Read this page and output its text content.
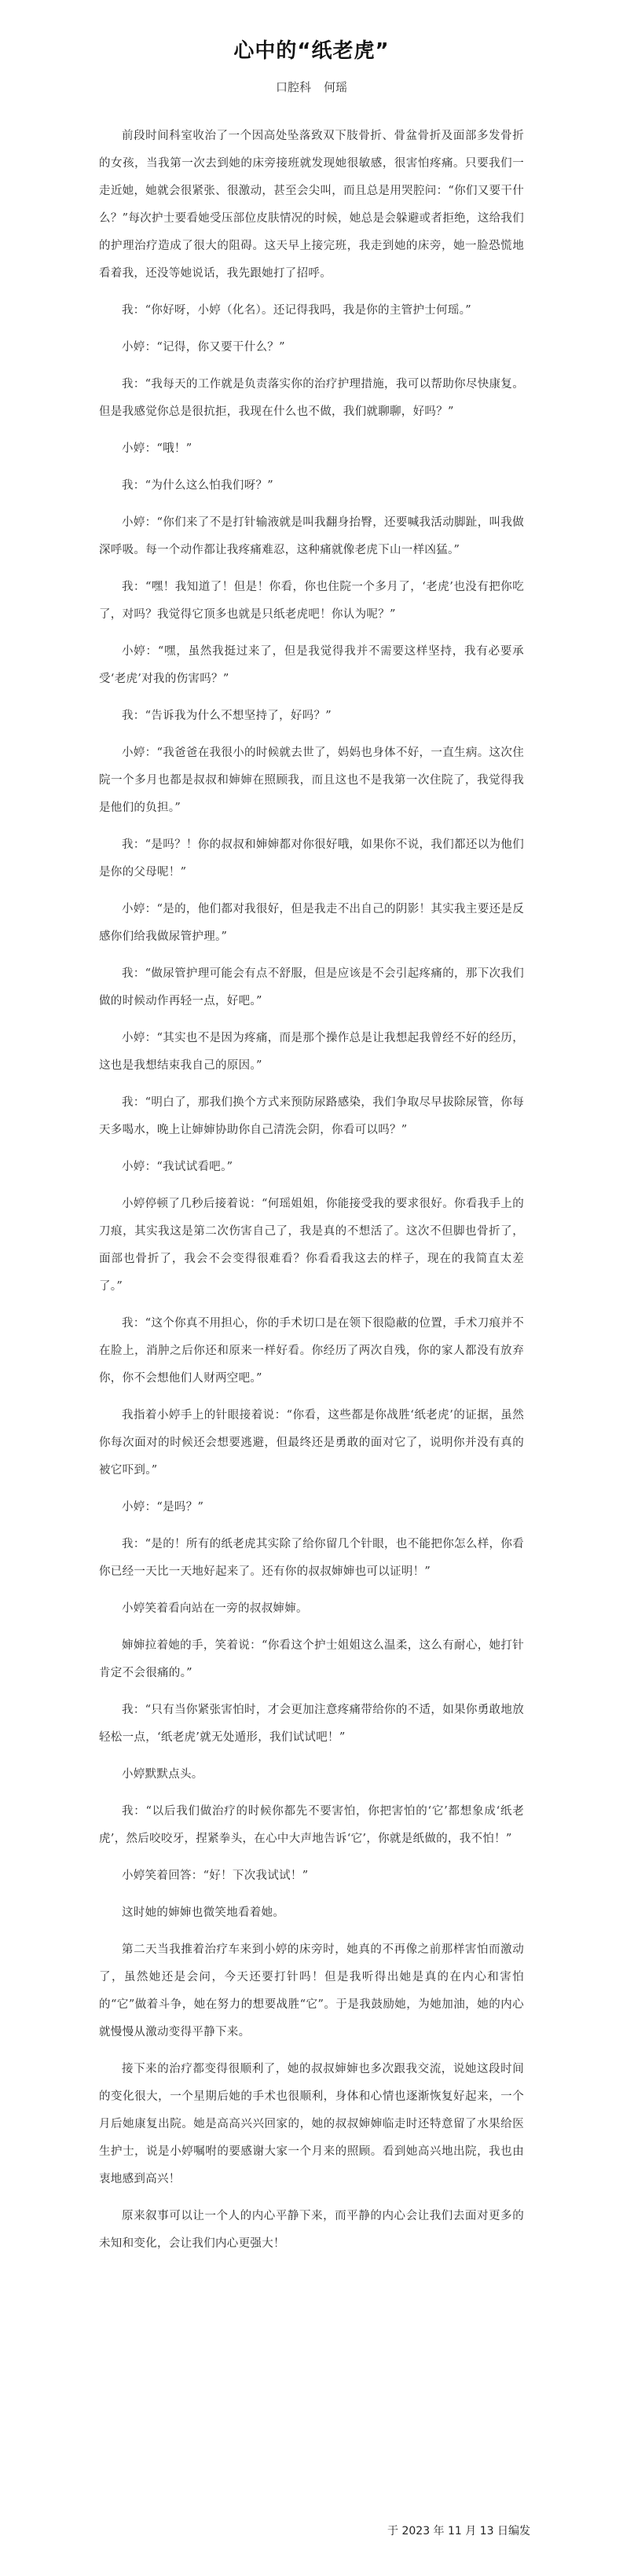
心中的“纸老虎”
口腔科 何瑶

前段时间科室收治了一个因高处坠落致双下肢骨折、骨盆骨折及面部多发骨折的女孩，当我第一次去到她的床旁接班就发现她很敏感，很害怕疼痛。只要我们一走近她，她就会很紧张、很激动，甚至会尖叫，而且总是用哭腔问：“你们又要干什么？”每次护士要看她受压部位皮肤情况的时候，她总是会躲避或者拒绝，这给我们的护理治疗造成了很大的阻碍。这天早上接完班，我走到她的床旁，她一脸恐慌地看着我，还没等她说话，我先跟她打了招呼。

我：“你好呀，小婷（化名）。还记得我吗，我是你的主管护士何瑶。”

小婷：“记得，你又要干什么？”

我：“我每天的工作就是负责落实你的治疗护理措施，我可以帮助你尽快康复。但是我感觉你总是很抗拒，我现在什么也不做，我们就聊聊，好吗？”

小婷：“哦！”

我：“为什么这么怕我们呀？”

小婷：“你们来了不是打针输液就是叫我翻身抬臀，还要喊我活动脚趾，叫我做深呼吸。每一个动作都让我疼痛难忍，这种痛就像老虎下山一样凶猛。”

我：“嘿！我知道了！但是！你看，你也住院一个多月了，‘老虎’也没有把你吃了，对吗？我觉得它顶多也就是只纸老虎吧！你认为呢？”

小婷：“嘿，虽然我挺过来了，但是我觉得我并不需要这样坚持，我有必要承受‘老虎’对我的伤害吗？”

我：“告诉我为什么不想坚持了，好吗？”

小婷：“我爸爸在我很小的时候就去世了，妈妈也身体不好，一直生病。这次住院一个多月也都是叔叔和婶婶在照顾我，而且这也不是我第一次住院了，我觉得我是他们的负担。”

我：“是吗？！你的叔叔和婶婶都对你很好哦，如果你不说，我们都还以为他们是你的父母呢！”

小婷：“是的，他们都对我很好，但是我走不出自己的阴影！其实我主要还是反感你们给我做尿管护理。”

我：“做尿管护理可能会有点不舒服，但是应该是不会引起疼痛的，那下次我们做的时候动作再轻一点，好吧。”

小婷：“其实也不是因为疼痛，而是那个操作总是让我想起我曾经不好的经历，这也是我想结束我自己的原因。”

我：“明白了，那我们换个方式来预防尿路感染，我们争取尽早拔除尿管，你每天多喝水，晚上让婶婶协助你自己清洗会阴，你看可以吗？”

小婷：“我试试看吧。”

小婷停顿了几秒后接着说：“何瑶姐姐，你能接受我的要求很好。你看我手上的刀痕，其实我这是第二次伤害自己了，我是真的不想活了。这次不但脚也骨折了，面部也骨折了，我会不会变得很难看？你看看我这去的样子，现在的我简直太差了。”

我：“这个你真不用担心，你的手术切口是在领下很隐蔽的位置，手术刀痕并不在脸上，消肿之后你还和原来一样好看。你经历了两次自残，你的家人都没有放弃你，你不会想他们人财两空吧。”

我指着小婷手上的针眼接着说：“你看，这些都是你战胜‘纸老虎’的证据，虽然你每次面对的时候还会想要逃避，但最终还是勇敢的面对它了，说明你并没有真的被它吓到。”

小婷：“是吗？”

我：“是的！所有的纸老虎其实除了给你留几个针眼，也不能把你怎么样，你看你已经一天比一天地好起来了。还有你的叔叔婶婶也可以证明！”

小婷笑着看向站在一旁的叔叔婶婶。

婶婶拉着她的手，笑着说：“你看这个护士姐姐这么温柔，这么有耐心，她打针肯定不会很痛的。”

我：“只有当你紧张害怕时，才会更加注意疼痛带给你的不适，如果你勇敢地放轻松一点，‘纸老虎’就无处遁形，我们试试吧！”

小婷默默点头。

我：“以后我们做治疗的时候你都先不要害怕，你把害怕的‘它’都想象成‘纸老虎’，然后咬咬牙，捏紧拳头，在心中大声地告诉‘它’，你就是纸做的，我不怕！”

小婷笑着回答：“好！下次我试试！”

这时她的婶婶也微笑地看着她。

第二天当我推着治疗车来到小婷的床旁时，她真的不再像之前那样害怕而激动了，虽然她还是会问，今天还要打针吗！但是我听得出她是真的在内心和害怕的“它”做着斗争，她在努力的想要战胜“它”。于是我鼓励她，为她加油，她的内心就慢慢从激动变得平静下来。

接下来的治疗都变得很顺利了，她的叔叔婶婶也多次跟我交流，说她这段时间的变化很大，一个星期后她的手术也很顺利，身体和心情也逐渐恢复好起来，一个月后她康复出院。她是高高兴兴回家的，她的叔叔婶婶临走时还特意留了水果给医生护士，说是小婷嘱咐的要感谢大家一个月来的照顾。看到她高兴地出院，我也由衷地感到高兴！

原来叙事可以让一个人的内心平静下来，而平静的内心会让我们去面对更多的未知和变化，会让我们内心更强大！

于 2023 年 11 月 13 日编发
